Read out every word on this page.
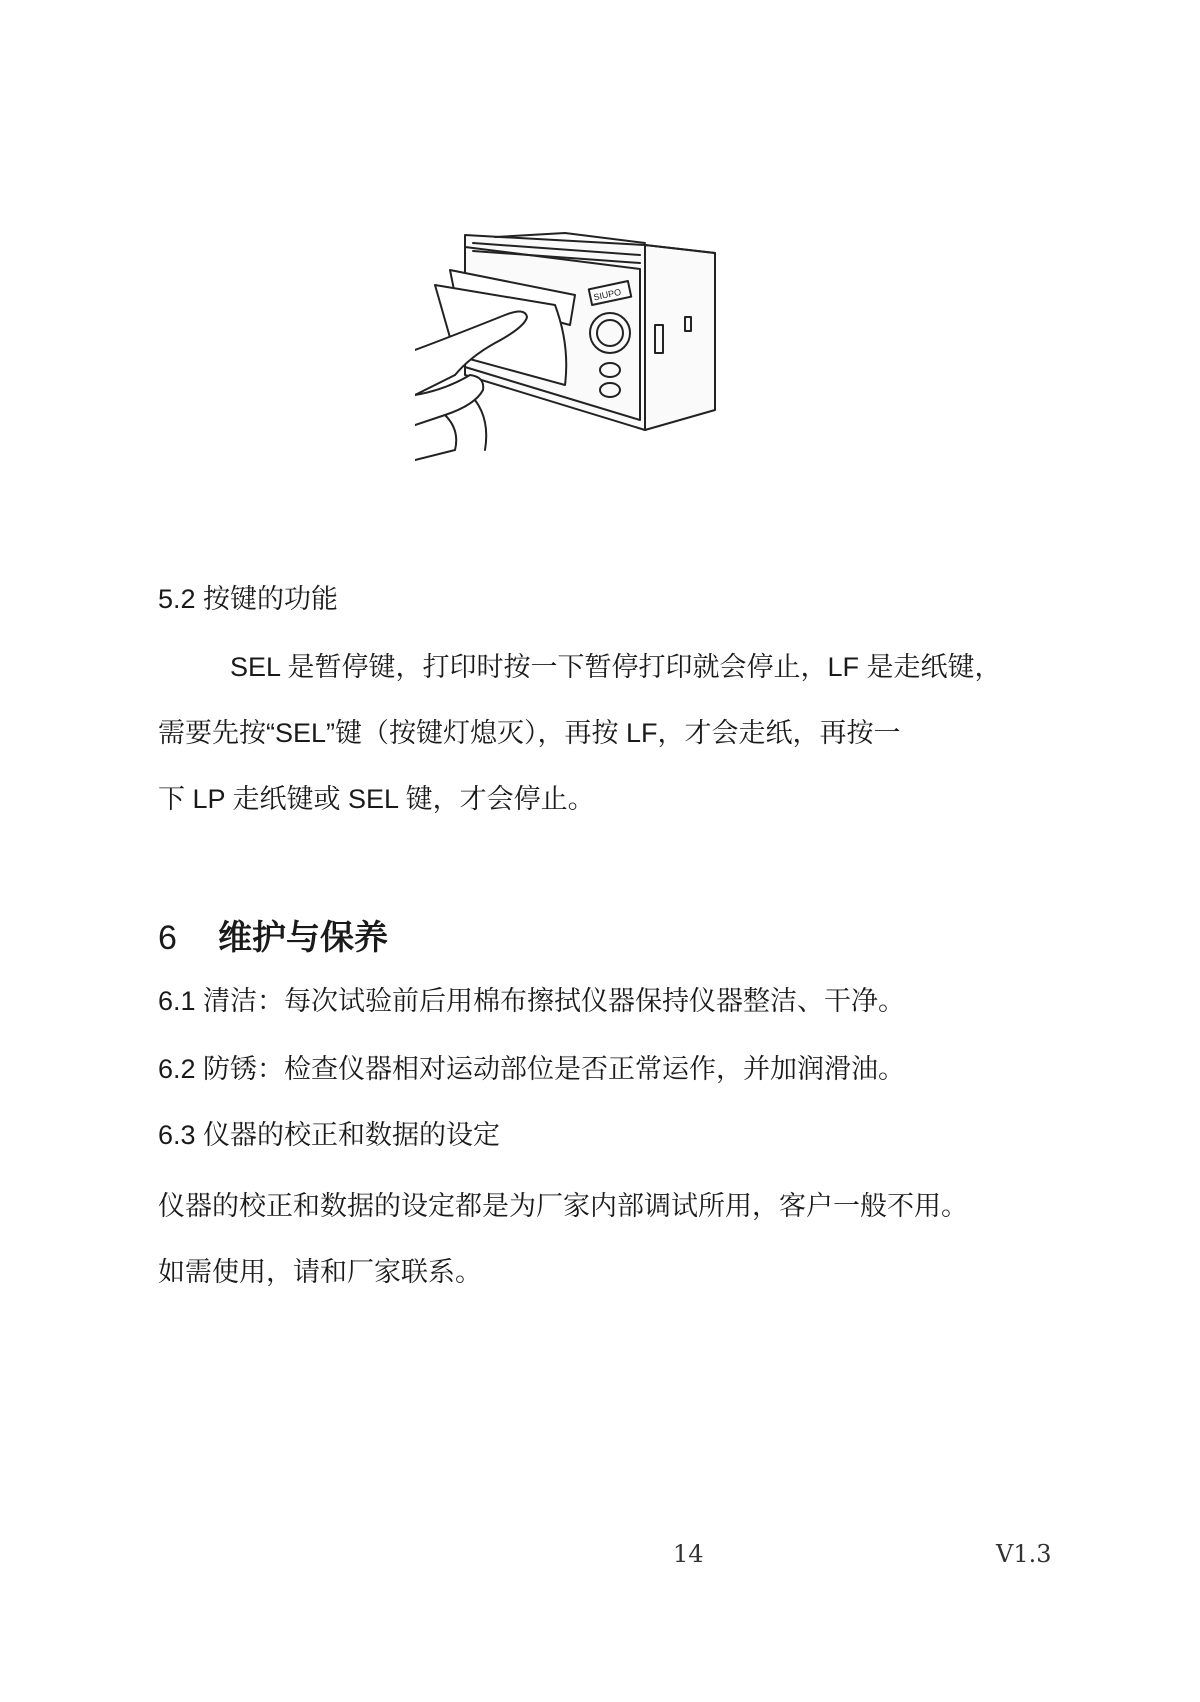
SIUPO
5.2 按键的功能
SEL 是暂停键，打印时按一下暂停打印就会停止，LF 是走纸键，
需要先按“SEL”键（按键灯熄灭），再按 LF，才会走纸，再按一
下 LP 走纸键或 SEL 键，才会停止。
6 维护与保养
6.1 清洁：每次试验前后用棉布擦拭仪器保持仪器整洁、干净。
6.2 防锈：检查仪器相对运动部位是否正常运作，并加润滑油。
6.3 仪器的校正和数据的设定
仪器的校正和数据的设定都是为厂家内部调试所用，客户一般不用。
如需使用，请和厂家联系。
14	V1.3
